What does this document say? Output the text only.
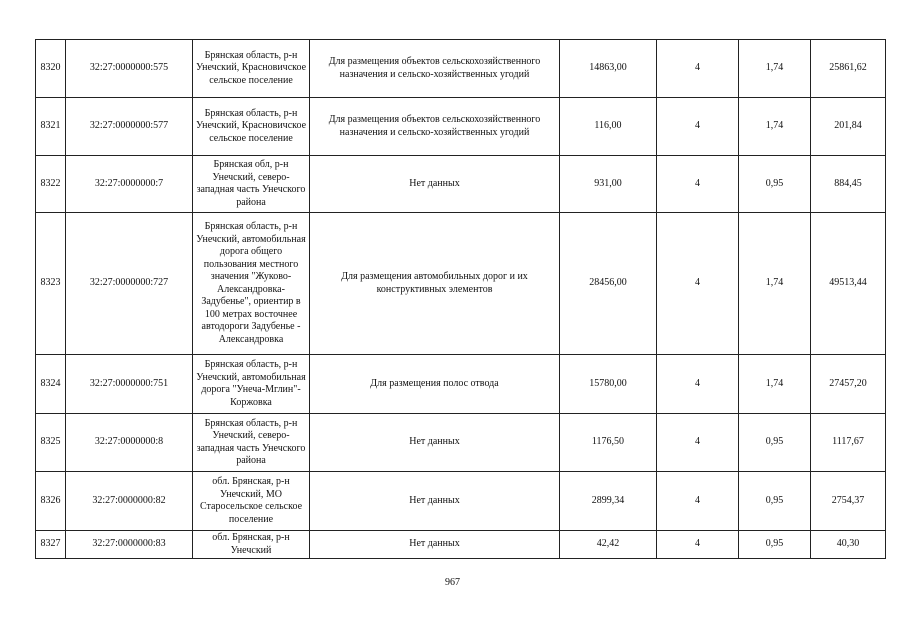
8320	32:27:0000000:575	Брянская область, р-н Унечский, Красновичское сельское поселение	Для размещения объектов сельскохозяйственного назначения и сельско-хозяйственных угодий	14863,00	4	1,74	25861,62
8321	32:27:0000000:577	Брянская область, р-н Унечский, Красновичское сельское поселение	Для размещения объектов сельскохозяйственного назначения и сельско-хозяйственных угодий	116,00	4	1,74	201,84
8322	32:27:0000000:7	Брянская обл, р-н Унечский, северо-западная часть Унечского района	Нет данных	931,00	4	0,95	884,45
8323	32:27:0000000:727	Брянская область, р-н Унечский, автомобильная дорога общего пользования местного значения "Жуково-Александровка-Задубенье", ориентир в 100 метрах восточнее автодороги Задубенье - Александровка	Для размещения автомобильных дорог и их конструктивных элементов	28456,00	4	1,74	49513,44
8324	32:27:0000000:751	Брянская область, р-н Унечский, автомобильная дорога "Унеча-Мглин"-Коржовка	Для размещения полос отвода	15780,00	4	1,74	27457,20
8325	32:27:0000000:8	Брянская область, р-н Унечский, северо-западная часть Унечского района	Нет данных	1176,50	4	0,95	1117,67
8326	32:27:0000000:82	обл. Брянская, р-н Унечский, МО Старосельское сельское поселение	Нет данных	2899,34	4	0,95	2754,37
8327	32:27:0000000:83	обл. Брянская, р-н Унечский	Нет данных	42,42	4	0,95	40,30
967
